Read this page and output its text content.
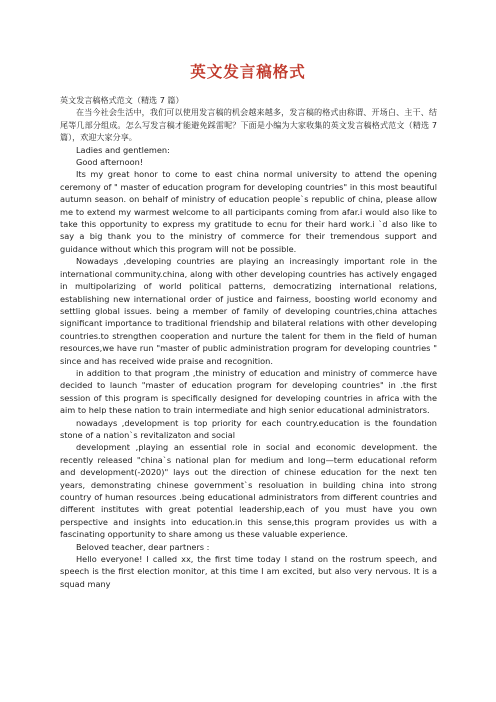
英文发言稿格式

英文发言稿格式范文（精选 7 篇）

在当今社会生活中，我们可以使用发言稿的机会越来越多，发言稿的格式由称谓、开场白、主干、结尾等几部分组成。怎么写发言稿才能避免踩雷呢？下面是小编为大家收集的英文发言稿格式范文（精选 7 篇），欢迎大家分享。

Ladies and gentlemen:

Good afternoon!

Its my great honor to come to east china normal university to attend the opening ceremony of " master of education program for developing countries" in this most beautiful autumn season. on behalf of ministry of education people`s republic of china, please allow me to extend my warmest welcome to all participants coming from afar.i would also like to take this opportunity to express my gratitude to ecnu for their hard work.i `d also like to say a big thank you to the ministry of commerce for their tremendous support and guidance without which this program will not be possible.

Nowadays ,developing countries are playing an increasingly important role in the international community.china, along with other developing countries has actively engaged in multipolarizing of world political patterns, democratizing international relations, establishing new international order of justice and fairness, boosting world economy and settling global issues. being a member of family of developing countries,china attaches significant importance to traditional friendship and bilateral relations with other developing countries.to strengthen cooperation and nurture the talent for them in the field of human resources,we have run "master of public administration program for developing countries " since and has received wide praise and recognition.

in addition to that program ,the ministry of education and ministry of commerce have decided to launch "master of education program for developing countries" in .the first session of this program is specifically designed for developing countries in africa with the aim to help these nation to train intermediate and high senior educational administrators.

nowadays ,development is top priority for each country.education is the foundation stone of a nation`s revitalizaton and social

development ,playing an essential role in social and economic development. the recently released "china`s national plan for medium and long—term educational reform and development(-2020)" lays out the direction of chinese education for the next ten years, demonstrating chinese government`s resoluation in building china into strong country of human resources .being educational administrators from different countries and different institutes with great potential leadership,each of you must have you own perspective and insights into education.in this sense,this program provides us with a fascinating opportunity to share among us these valuable experience.

Beloved teacher, dear partners :

Hello everyone! I called xx, the first time today I stand on the rostrum speech, and speech is the first election monitor, at this time I am excited, but also very nervous. It is a squad many
